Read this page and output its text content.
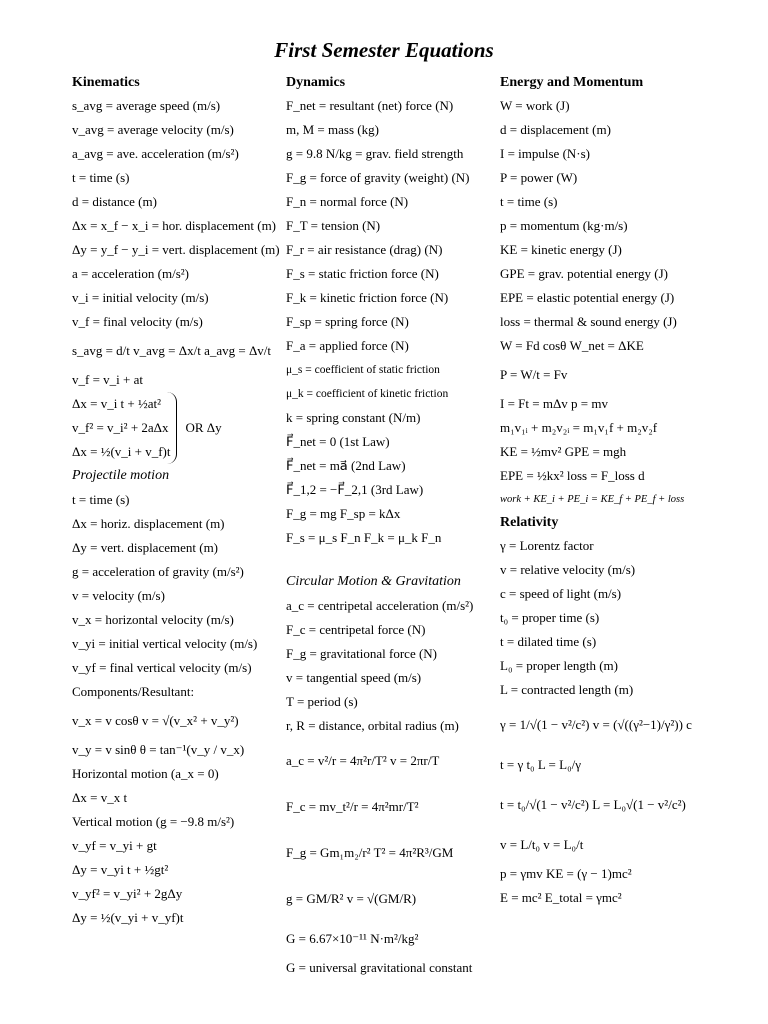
First Semester Equations
Kinematics
s_avg = average speed (m/s)
v_avg = average velocity (m/s)
a_avg = ave. acceleration (m/s²)
t = time (s)
d = distance (m)
Δx = x_f − x_i = hor. displacement (m)
Δy = y_f − y_i = vert. displacement (m)
a = acceleration (m/s²)
v_i = initial velocity (m/s)
v_f = final velocity (m/s)
s_avg = d/t v_avg = Δx/t a_avg = Δv/t
v_f = v_i + at
Δx = v_i t + ½at²
v_f² = v_i² + 2aΔx
Δx = ½(v_i + v_f)t
OR Δy
Projectile motion
t = time (s)
Δx = horiz. displacement (m)
Δy = vert. displacement (m)
g = acceleration of gravity (m/s²)
v = velocity (m/s)
v_x = horizontal velocity (m/s)
v_yi = initial vertical velocity (m/s)
v_yf = final vertical velocity (m/s)
Components/Resultant:
v_x = v cosθ v = √(v_x² + v_y²)
v_y = v sinθ θ = tan⁻¹(v_y / v_x)
Horizontal motion (a_x = 0)
Δx = v_x t
Vertical motion (g = −9.8 m/s²)
v_yf = v_yi + gt
Δy = v_yi t + ½gt²
v_yf² = v_yi² + 2gΔy
Δy = ½(v_yi + v_yf)t
Dynamics
F_net = resultant (net) force (N)
m, M = mass (kg)
g = 9.8 N/kg = grav. field strength
F_g = force of gravity (weight) (N)
F_n = normal force (N)
F_T = tension (N)
F_r = air resistance (drag) (N)
F_s = static friction force (N)
F_k = kinetic friction force (N)
F_sp = spring force (N)
F_a = applied force (N)
μ_s = coefficient of static friction
μ_k = coefficient of kinetic friction
k = spring constant (N/m)
F⃗_net = 0 (1st Law)
F⃗_net = ma⃗ (2nd Law)
F⃗_1,2 = −F⃗_2,1 (3rd Law)
F_g = mg F_sp = kΔx
F_s = μ_s F_n F_k = μ_k F_n
Circular Motion & Gravitation
a_c = centripetal acceleration (m/s²)
F_c = centripetal force (N)
F_g = gravitational force (N)
v = tangential speed (m/s)
T = period (s)
r, R = distance, orbital radius (m)
a_c = v²/r = 4π²r/T² v = 2πr/T
F_c = mv_t²/r = 4π²mr/T²
F_g = Gm₁m₂/r² T² = 4π²R³/GM
g = GM/R² v = √(GM/R)
G = 6.67×10⁻¹¹ N·m²/kg²
G = universal gravitational constant
Energy and Momentum
W = work (J)
d = displacement (m)
I = impulse (N·s)
P = power (W)
t = time (s)
p = momentum (kg·m/s)
KE = kinetic energy (J)
GPE = grav. potential energy (J)
EPE = elastic potential energy (J)
loss = thermal & sound energy (J)
W = Fd cosθ W_net = ΔKE
P = W/t = Fv
I = Ft = mΔv p = mv
m₁v₁ᵢ + m₂v₂ᵢ = m₁v₁f + m₂v₂f
KE = ½mv² GPE = mgh
EPE = ½kx² loss = F_loss d
work + KE_i + PE_i = KE_f + PE_f + loss
Relativity
γ = Lorentz factor
v = relative velocity (m/s)
c = speed of light (m/s)
t₀ = proper time (s)
t = dilated time (s)
L₀ = proper length (m)
L = contracted length (m)
γ = 1/√(1 − v²/c²) v = (√((γ²−1)/γ²)) c
t = γ t₀ L = L₀/γ
t = t₀/√(1 − v²/c²) L = L₀√(1 − v²/c²)
v = L/t₀ v = L₀/t
p = γmv KE = (γ − 1)mc²
E = mc² E_total = γmc²
